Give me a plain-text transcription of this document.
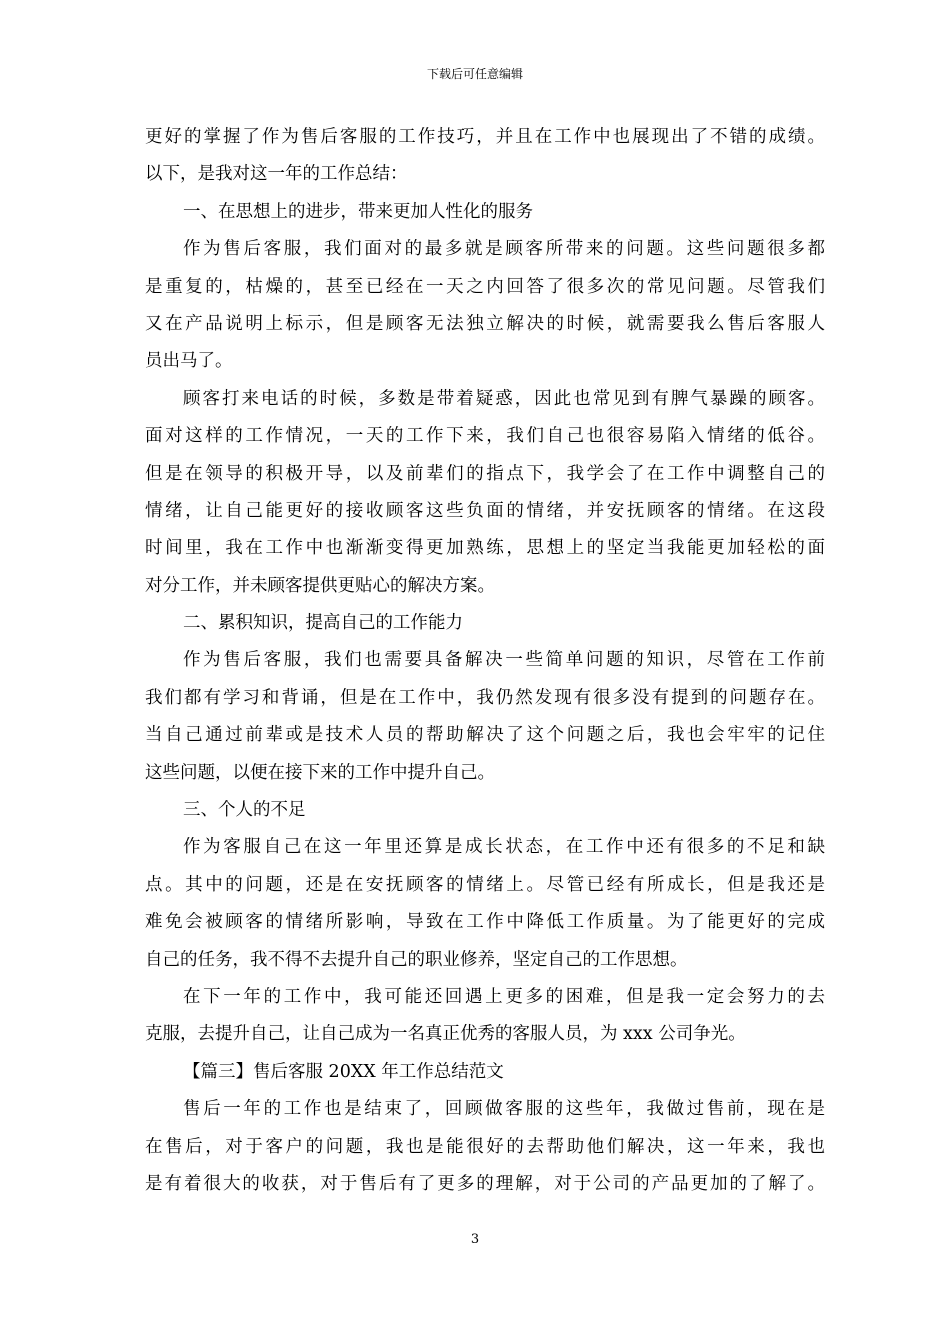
下载后可任意编辑
更好的掌握了作为售后客服的工作技巧，并且在工作中也展现出了不错的成绩。
以下，是我对这一年的工作总结：
一、在思想上的进步，带来更加人性化的服务
作为售后客服，我们面对的最多就是顾客所带来的问题。这些问题很多都
是重复的，枯燥的，甚至已经在一天之内回答了很多次的常见问题。尽管我们
又在产品说明上标示，但是顾客无法独立解决的时候，就需要我么售后客服人
员出马了。
顾客打来电话的时候，多数是带着疑惑，因此也常见到有脾气暴躁的顾客。
面对这样的工作情况，一天的工作下来，我们自己也很容易陷入情绪的低谷。
但是在领导的积极开导，以及前辈们的指点下，我学会了在工作中调整自己的
情绪，让自己能更好的接收顾客这些负面的情绪，并安抚顾客的情绪。在这段
时间里，我在工作中也渐渐变得更加熟练，思想上的坚定当我能更加轻松的面
对分工作，并未顾客提供更贴心的解决方案。
二、累积知识，提高自己的工作能力
作为售后客服，我们也需要具备解决一些简单问题的知识，尽管在工作前
我们都有学习和背诵，但是在工作中，我仍然发现有很多没有提到的问题存在。
当自己通过前辈或是技术人员的帮助解决了这个问题之后，我也会牢牢的记住
这些问题，以便在接下来的工作中提升自己。
三、个人的不足
作为客服自己在这一年里还算是成长状态，在工作中还有很多的不足和缺
点。其中的问题，还是在安抚顾客的情绪上。尽管已经有所成长，但是我还是
难免会被顾客的情绪所影响，导致在工作中降低工作质量。为了能更好的完成
自己的任务，我不得不去提升自己的职业修养，坚定自己的工作思想。
在下一年的工作中，我可能还回遇上更多的困难，但是我一定会努力的去
克服，去提升自己，让自己成为一名真正优秀的客服人员，为 xxx 公司争光。
【篇三】售后客服 20XX 年工作总结范文
售后一年的工作也是结束了，回顾做客服的这些年，我做过售前，现在是
在售后，对于客户的问题，我也是能很好的去帮助他们解决，这一年来，我也
是有着很大的收获，对于售后有了更多的理解，对于公司的产品更加的了解了。
3
